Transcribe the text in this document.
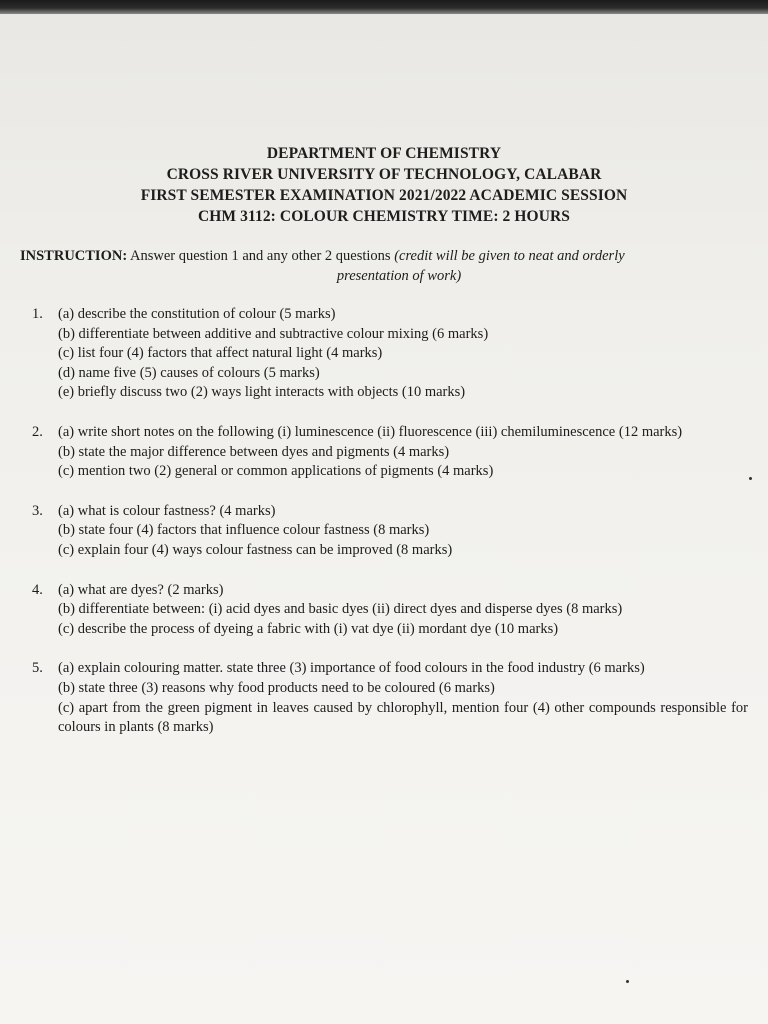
DEPARTMENT OF CHEMISTRY
CROSS RIVER UNIVERSITY OF TECHNOLOGY, CALABAR
FIRST SEMESTER EXAMINATION 2021/2022 ACADEMIC SESSION
CHM 3112: COLOUR CHEMISTRY TIME: 2 HOURS
INSTRUCTION: Answer question 1 and any other 2 questions (credit will be given to neat and orderly
presentation of work)
1. (a) describe the constitution of colour (5 marks)
(b) differentiate between additive and subtractive colour mixing (6 marks)
(c) list four (4) factors that affect natural light (4 marks)
(d) name five (5) causes of colours (5 marks)
(e) briefly discuss two (2) ways light interacts with objects (10 marks)
2. (a) write short notes on the following (i) luminescence (ii) fluorescence (iii) chemiluminescence (12 marks)
(b) state the major difference between dyes and pigments (4 marks)
(c) mention two (2) general or common applications of pigments (4 marks)
3. (a) what is colour fastness? (4 marks)
(b) state four (4) factors that influence colour fastness (8 marks)
(c) explain four (4) ways colour fastness can be improved (8 marks)
4. (a) what are dyes? (2 marks)
(b) differentiate between: (i) acid dyes and basic dyes (ii) direct dyes and disperse dyes (8 marks)
(c) describe the process of dyeing a fabric with (i) vat dye (ii) mordant dye (10 marks)
5. (a) explain colouring matter. state three (3) importance of food colours in the food industry (6 marks)
(b) state three (3) reasons why food products need to be coloured (6 marks)
(c) apart from the green pigment in leaves caused by chlorophyll, mention four (4) other compounds responsible for colours in plants (8 marks)
